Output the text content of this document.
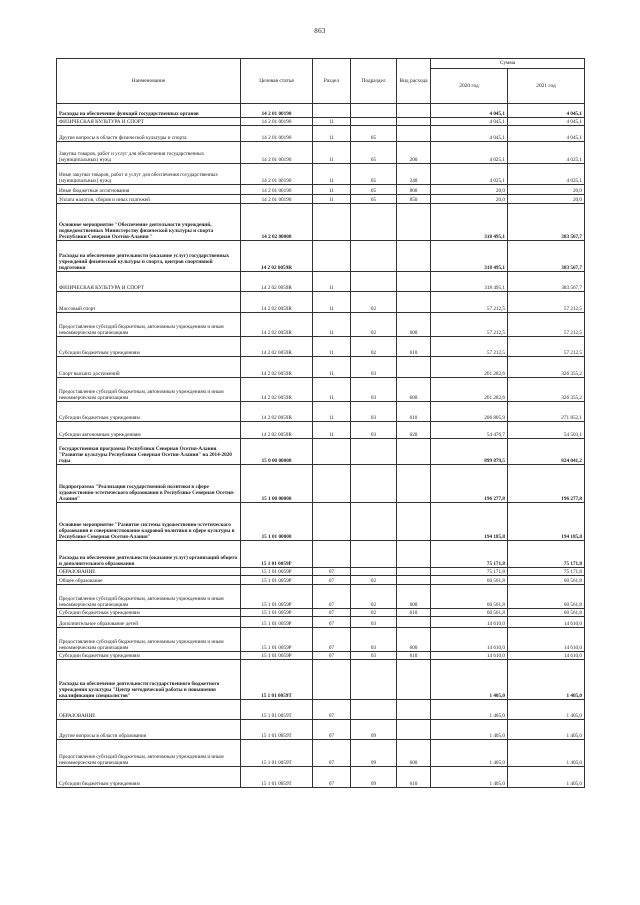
863
Наименование	Целевая статья	Раздел	Подраздел	Вид расхода	Сумма	
					2020 год	2021 год
Расходы на обеспечение функций государственных органов	14 2 01 00190				4 045,1	4 045,1
ФИЗИЧЕСКАЯ КУЛЬТУРА И СПОРТ	14 2 01 00190	11			4 045,1	4 045,1
Другие вопросы в области физической культуры и спорта	14 2 01 00190	11	05		4 045,1	4 045,1
Закупка товаров, работ и услуг для обеспечения государственных (муниципальных) нужд	14 2 01 00190	11	05	200	4 025,1	4 025,1
Иные закупки товаров, работ и услуг для обеспечения государственных (муниципальных) нужд	14 2 01 00190	11	05	240	4 025,1	4 025,1
Иные бюджетные ассигнования	14 2 01 00190	11	05	800	20,0	20,0
Уплата налогов, сборов и иных платежей	14 2 01 00190	11	05	850	20,0	20,0
Основное мероприятие "Обеспечение деятельности учреждений, подведомственных Министерству физической культуры и спорта Республики Северная Осетия-Алания "	14 2 02 00000				318 495,1	383 567,7
Расходы на обеспечение деятельности (оказание услуг) государственных учреждений физической культуры и спорта, центров спортивной подготовки	14 2 02 0059R				318 495,1	383 567,7
ФИЗИЧЕСКАЯ КУЛЬТУРА И СПОРТ	14 2 02 0059R	11			318 495,1	383 567,7
Массовый спорт	14 2 02 0059R	11	02		57 212,5	57 212,5
Предоставление субсидий бюджетным, автономным учреждениям и иным некоммерческим организациям	14 2 02 0059R	11	02	600	57 212,5	57 212,5
Субсидии бюджетным учреждениям	14 2 02 0059R	11	02	610	57 212,5	57 212,5
Спорт высших достижений	14 2 02 0059R	11	03		261 282,6	326 355,2
Предоставление субсидий бюджетным, автономным учреждениям и иным некоммерческим организациям	14 2 02 0059R	11	03	600	261 282,6	326 355,2
Субсидии бюджетным учреждениям	14 2 02 0059R	11	03	610	206 805,9	271 852,1
Субсидии автономным учреждениям	14 2 02 0059R	11	03	620	54 476,7	54 503,1
Государственная программа Республики Северная Осетия-Алания "Развитие культуры Республики Северная Осетия-Алания" на 2014-2020 годы	15 0 00 00000				899 879,5	824 041,2
Подпрограмма "Реализация государственной политики в сфере художественно-эстетического образования в Республике Северная Осетия-Алания"	15 1 00 00000				196 277,8	196 277,8
Основное мероприятие "Развитие системы художественно-эстетического образования и совершенствование кадровой политики в сфере культуры в Республике Северная Осетия-Алания"	15 1 01 00000				194 185,8	194 185,8
Расходы на обеспечение деятельности (оказание услуг) организаций общего и дополнительного образования	15 1 01 0059P				75 171,8	75 171,8
ОБРАЗОВАНИЕ	15 1 01 0059P	07			75 171,8	75 171,8
Общее образование	15 1 01 0059P	07	02		60 561,8	60 561,8
Предоставление субсидий бюджетным, автономным учреждениям и иным некоммерческим организациям	15 1 01 0059P	07	02	600	60 561,8	60 561,8
Субсидии бюджетным учреждениям	15 1 01 0059P	07	02	610	60 561,8	60 561,8
Дополнительное образование детей	15 1 01 0059P	07	03		14 610,0	14 610,0
Предоставление субсидий бюджетным, автономным учреждениям и иным некоммерческим организациям	15 1 01 0059P	07	03	600	14 610,0	14 610,0
Субсидии бюджетным учреждениям	15 1 01 0059P	07	03	610	14 610,0	14 610,0
Расходы на обеспечение деятельности государственного бюджетного учреждения культуры "Центр методической работы и повышения квалификации специалистов"	15 1 01 0059T				1 405,0	1 405,0
ОБРАЗОВАНИЕ	15 1 01 0059T	07			1 405,0	1 405,0
Другие вопросы в области образования	15 1 01 0059T	07	09		1 405,0	1 405,0
Предоставление субсидий бюджетным, автономным учреждениям и иным некоммерческим организациям	15 1 01 0059T	07	09	600	1 405,0	1 405,0
Субсидии бюджетным учреждениям	15 1 01 0059T	07	09	610	1 405,0	1 405,0
